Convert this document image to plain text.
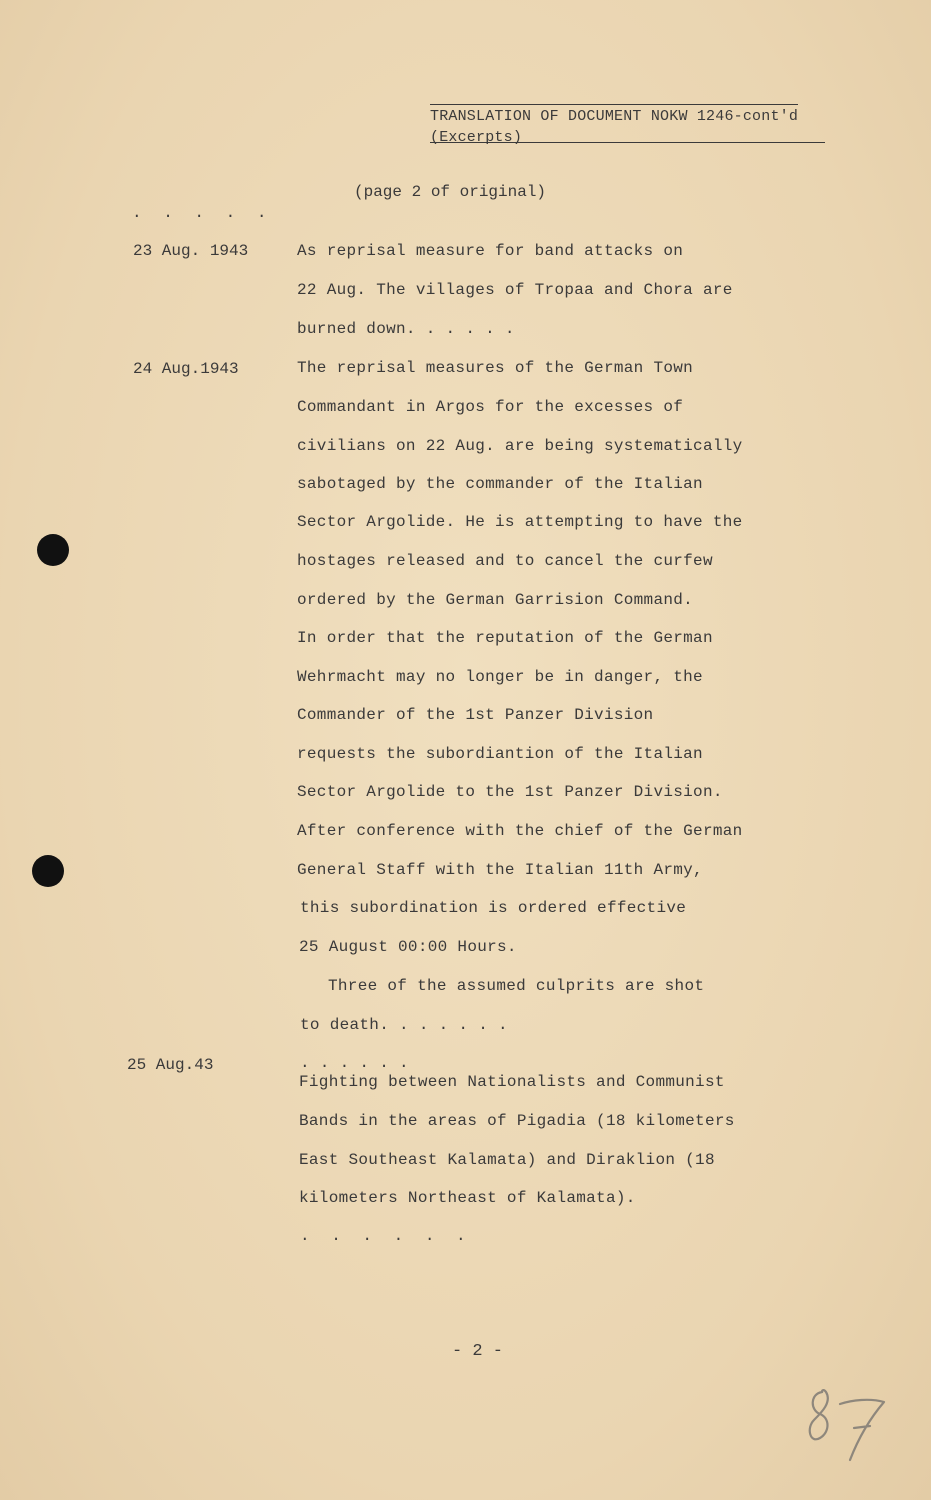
TRANSLATION OF DOCUMENT NOKW 1246-cont'd
(Excerpts)
(page 2 of original)
. . . . .
23 Aug. 1943	As reprisal measure for band attacks on
22 Aug. The villages of Tropaa and Chora are
burned down. . . . . .
24 Aug.1943	The reprisal measures of the German Town
Commandant in Argos for the excesses of
civilians on 22 Aug. are being systematically
sabotaged by the commander of the Italian
Sector Argolide. He is attempting to have the
hostages released and to cancel the curfew
ordered by the German Garrision Command.
In order that the reputation of the German
Wehrmacht may no longer be in danger, the
Commander of the 1st Panzer Division
requests the subordiantion of the Italian
Sector Argolide to the 1st Panzer Division.
After conference with the chief of the German
General Staff with the Italian 11th Army,
this subordination is ordered effective
25 August 00:00 Hours.
Three of the assumed culprits are shot
to death. . . . . . .
25 Aug.43	. . . . . .
Fighting between Nationalists and Communist
Bands in the areas of Pigadia (18 kilometers
East Southeast Kalamata) and Diraklion (18
kilometers Northeast of Kalamata).
. . . . . .
- 2 -
